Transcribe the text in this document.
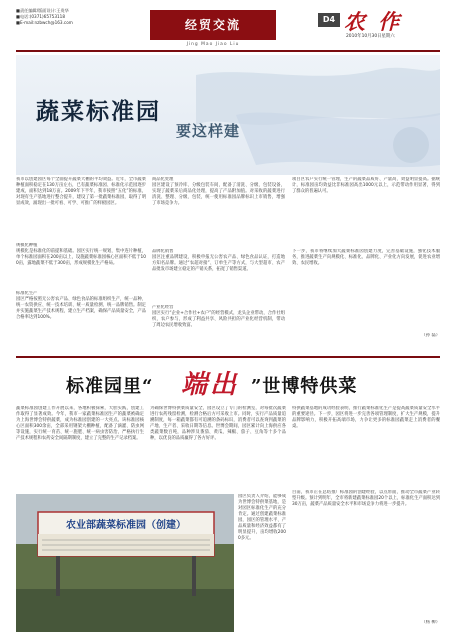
■责任编辑/版面设计:王贵华
■电话:(0371)65753118
■E-mail:nzbwch@163.com	经贸交流
Jing Mao Jiao Liu
D4 农 作
2010年10月30日星期六
蔬菜标准园
要这样建
我市以创建园区每个全面提升蔬菜大棚的平均效益。近年，全市蔬菜种植面积稳定在130万亩左右，已有蔬菜标准园、标准化示范园逐步建成，面积达到18万亩。2009年下半年，我市按照“五化”的标准，对现有生产基地进行整合提升，建设了第一批蔬菜标准园，取得了明显成效，涌现出一批可看、可学、可推广的样板园区。
规模化种植
规模化是标准化的前提和基础。园区实行统一规划，集中连片种植，单个标准园面积在200亩以上，设施蔬菜标准园核心区面积不低于100亩，露地蔬菜不低于300亩，形成规模化生产格局。
标准化生产
园区严格按照无公害农产品、绿色食品的标准组织生产，统一品种、统一农资供应、统一技术培训、统一质量检测、统一品牌销售。制定并实施蔬菜生产技术规程，建立生产档案，确保产品质量安全，产品合格率达到100%。
商品化处理
园区建设了预冷库、分级包装车间，配备了清洗、分级、包装设备，实现了蔬菜采后商品化处理，提高了产品附加值。对采收的蔬菜进行清洗、整理、分级、包装，统一使用标准园品牌标识上市销售，增强了市场竞争力。
品牌化销售
园区注重品牌建设，积极申报无公害农产品、绿色食品认证，打造地方知名品牌。通过“农超对接”、订单生产等方式，与大型超市、农产品批发市场建立稳定的产销关系，拓宽了销售渠道。
产业化经营
园区实行“企业+合作社+农户”的经营模式，龙头企业带动，合作社组织，农户参与，形成了利益共享、风险共担的产业化经营机制，带动了周边农民增收致富。
项目区农户实行统一管理，生产的蔬菜品质好、产量高，效益明显提高。据统计，标准园亩均效益比非标准园高出1000元以上，示范带动作用显著，得到了群众的普遍认可。
下一步，我市将继续加大蔬菜标准园创建力度，完善基础设施，强化技术服务，推进蔬菜生产向规模化、标准化、品牌化、产业化方向发展，促进农业增效、农民增收。
（孙 磊）
标准园里“ 端出 ”世博特供菜
蔬菜标准园创建工作开展以来，各地积极探索，大胆实践，创建工作取得了显著成效。今年，我市一家蔬菜标准园生产的蔬菜被确定为上海世博会特供蔬菜，成为标准园创建的一大亮点。该标准园核心区面积300余亩，全部采用钢架大棚种植，配备了滴灌、防虫网等设施，实行统一育苗、统一施肥、统一病虫害防治，严格执行生产技术规程和农药安全间隔期制度，建立了完整的生产记录档案。
为确保世博特供菜质量安全，园区设立了专门的检测室，对每批次蔬菜进行农药残留检测，检测合格后方可采收上市。同时，实行产品质量追溯制度，每一箱蔬菜都有可追溯的条码标识，消费者可以查询到蔬菜的产地、生产者、采收日期等信息。世博会期间，园区累计向上海供应各类蔬菜数百吨，品种涉及番茄、黄瓜、辣椒、茄子、豆角等十多个品种，以优良的品质赢得了各方好评。
特供蔬菜基地的成功经验表明，推行蔬菜标准化生产是提高蔬菜质量安全水平的重要途径。下一步，园区将进一步完善各项管理制度，扩大生产规模，提升品牌影响力，积极开拓高端市场，力争让更多的标准园蔬菜走上消费者的餐桌。
目前，我市正在总结推广标准园的创建经验，以点带面，推动全市蔬菜产业转型升级。预计到明年，全市将新建蔬菜标准园20个以上，标准化生产面积达到30万亩，蔬菜产品质量安全水平和市场竞争力将进一步提升。
（杨 柳）
农业部蔬菜标准园（创建）
园区负责人介绍，能够成为世博会特供菜基地，是对园区标准化生产的充分肯定。通过创建蔬菜标准园，园区的管理水平、产品质量和经济效益都有了明显提升，亩均增收2000多元。
